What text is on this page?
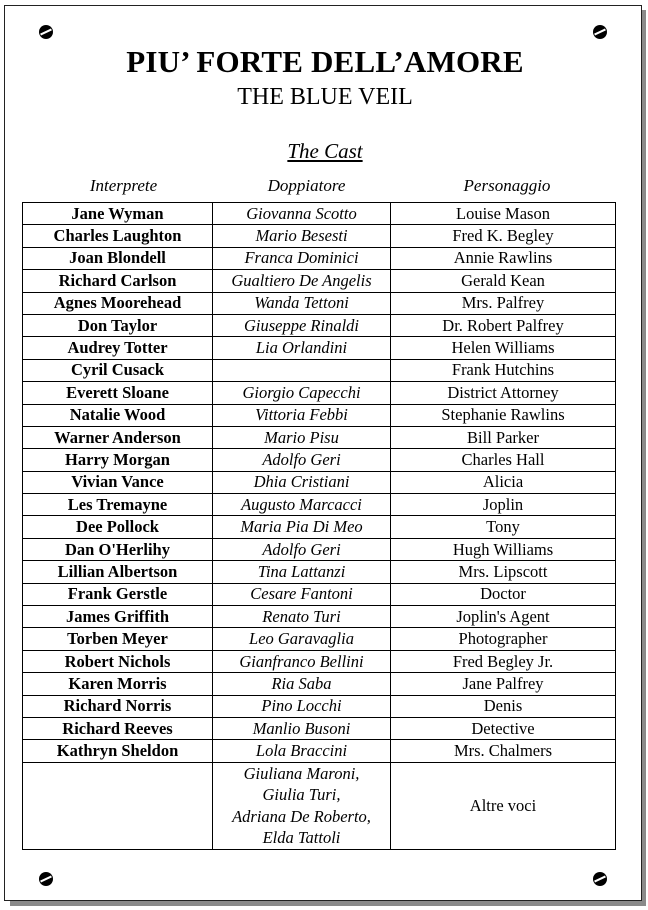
PIU’ FORTE DELL’AMORE
THE BLUE VEIL
The Cast
Interprete	Doppiatore	Personaggio
Jane Wyman	Giovanna Scotto	Louise Mason
Charles Laughton	Mario Besesti	Fred K. Begley
Joan Blondell	Franca Dominici	Annie Rawlins
Richard Carlson	Gualtiero De Angelis	Gerald Kean
Agnes Moorehead	Wanda Tettoni	Mrs. Palfrey
Don Taylor	Giuseppe Rinaldi	Dr. Robert Palfrey
Audrey Totter	Lia Orlandini	Helen Williams
Cyril Cusack		Frank Hutchins
Everett Sloane	Giorgio Capecchi	District Attorney
Natalie Wood	Vittoria Febbi	Stephanie Rawlins
Warner Anderson	Mario Pisu	Bill Parker
Harry Morgan	Adolfo Geri	Charles Hall
Vivian Vance	Dhia Cristiani	Alicia
Les Tremayne	Augusto Marcacci	Joplin
Dee Pollock	Maria Pia Di Meo	Tony
Dan O'Herlihy	Adolfo Geri	Hugh Williams
Lillian Albertson	Tina Lattanzi	Mrs. Lipscott
Frank Gerstle	Cesare Fantoni	Doctor
James Griffith	Renato Turi	Joplin's Agent
Torben Meyer	Leo Garavaglia	Photographer
Robert Nichols	Gianfranco Bellini	Fred Begley Jr.
Karen Morris	Ria Saba	Jane Palfrey
Richard Norris	Pino Locchi	Denis
Richard Reeves	Manlio Busoni	Detective
Kathryn Sheldon	Lola Braccini	Mrs. Chalmers

	Giuliana Maroni,
Giulia Turi,
Adriana De Roberto,
Elda Tattoli	Altre voci
